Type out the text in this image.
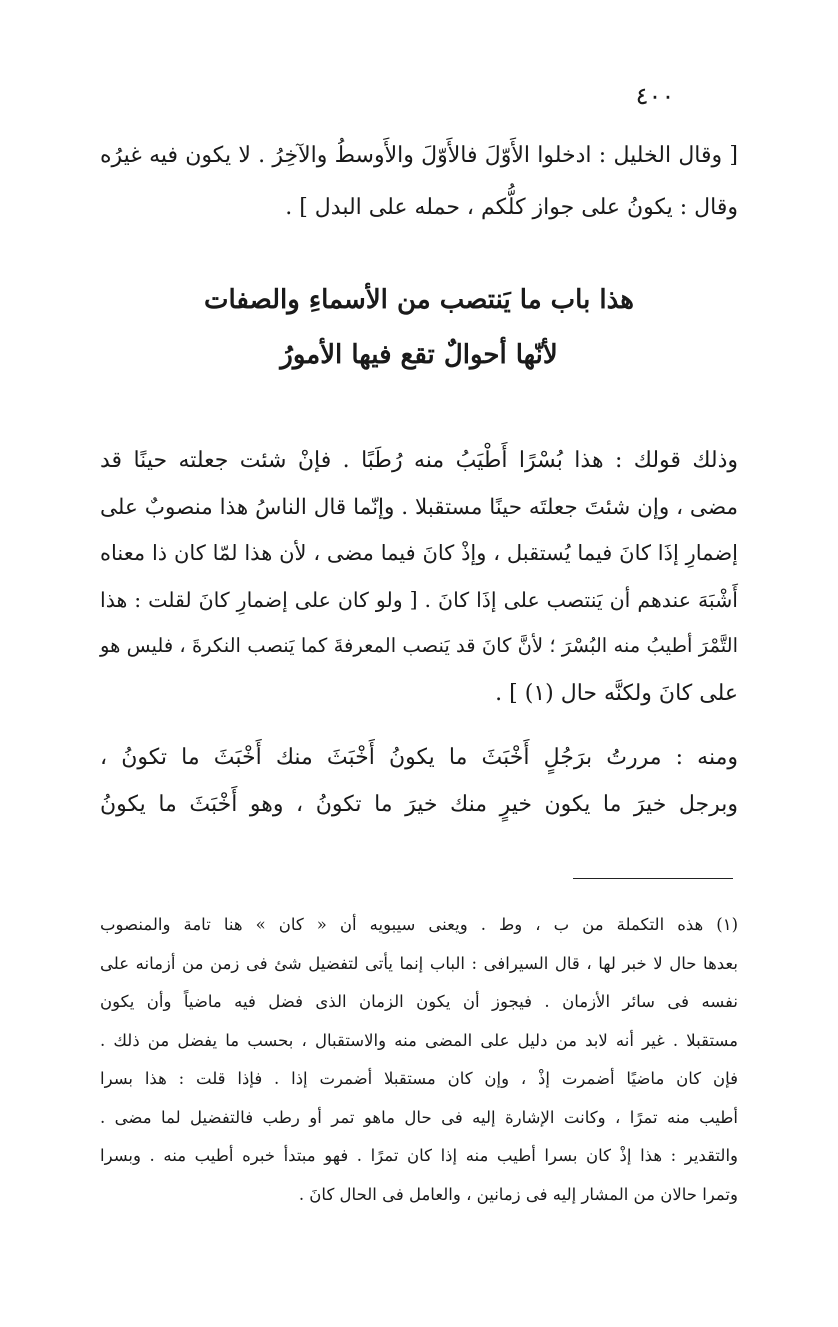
٤٠٠
[ وقال الخليل : ادخلوا الأَوّلَ فالأَوّلَ والأَوسطُ والآخِرُ . لا يكون فيه غيرُه
وقال : يكونُ على جواز كلُّكم ، حمله على البدل ] .
هذا باب ما يَنتصب من الأسماءِ والصفات
لأنّها أحوالٌ تقع فيها الأمورُ
وذلك قولك : هذا بُسْرًا أَطْيَبُ منه رُطَبًا . فإنْ شئت جعلته حينًا قد
مضى ، وإن شئتَ جعلتَه حينًا مستقبلا . وإنّما قال الناسُ هذا منصوبٌ على
إضمارِ إذَا كانَ فيما يُستقبل ، وإذْ كانَ فيما مضى ، لأن هذا لمّا كان ذا معناه
أَشْبَهَ عندهم أن يَنتصب على إذَا كانَ . [ ولو كان على إضمارِ كانَ لقلت : هذا
التَّمْرَ أطيبُ منه البُسْرَ ؛ لأنَّ كانَ قد يَنصب المعرفةَ كما يَنصب النكرةَ ، فليس هو
على كانَ ولكنَّه حال (١) ] .
ومنه : مررتُ برَجُلٍ أَخْبَثَ ما يكونُ أَخْبَثَ منك أَخْبَثَ ما تكونُ ،
وبرجل خيرَ ما يكون خيرٍ منك خيرَ ما تكونُ ، وهو أَخْبَثَ ما يكونُ
(١) هذه التكملة من ب ، وط . ويعنى سيبويه أن « كان » هنا تامة والمنصوب
بعدها حال لا خبر لها ، قال السيرافى : الباب إنما يأتى لتفضيل شئ فى زمن من أزمانه على
نفسه فى سائر الأزمان . فيجوز أن يكون الزمان الذى فضل فيه ماضياً وأن يكون
مستقبلا . غير أنه لابد من دليل على المضى منه والاستقبال ، بحسب ما يفضل من ذلك .
فإن كان ماضيًا أضمرت إذْ ، وإن كان مستقبلا أضمرت إذا . فإذا قلت : هذا بسرا
أطيب منه تمرًا ، وكانت الإشارة إليه فى حال ماهو تمر أو رطب فالتفضيل لما مضى .
والتقدير : هذا إذْ كان بسرا أطيب منه إذا كان تمرًا . فهو مبتدأ خبره أطيب منه . وبسرا
وتمرا حالان من المشار إليه فى زمانين ، والعامل فى الحال كانَ .
